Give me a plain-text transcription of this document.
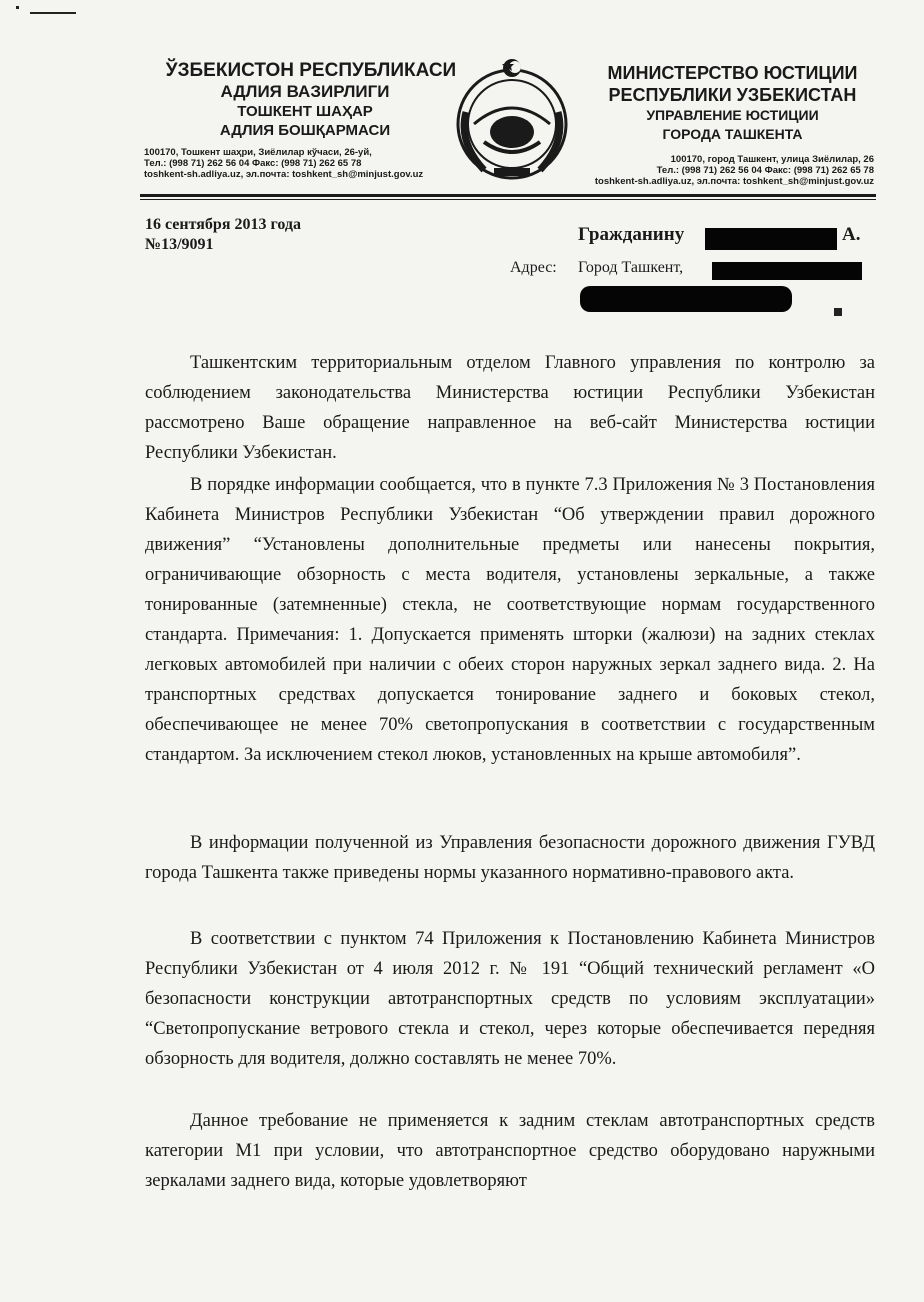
ЎЗБЕКИСТОН РЕСПУБЛИКАСИ
АДЛИЯ ВАЗИРЛИГИ
ТОШКЕНТ ШАҲАР
АДЛИЯ БОШҚАРМАСИ
100170, Тошкент шаҳри, Зиёлилар кўчаси, 26-уй,
Тел.: (998 71) 262 56 04 Факс: (998 71) 262 65 78
toshkent-sh.adliya.uz, эл.почта: toshkent_sh@minjust.gov.uz
МИНИСТЕРСТВО ЮСТИЦИИ
РЕСПУБЛИКИ УЗБЕКИСТАН
УПРАВЛЕНИЕ ЮСТИЦИИ
ГОРОДА ТАШКЕНТА
100170, город Ташкент, улица Зиёлилар, 26
Тел.: (998 71) 262 56 04 Факс: (998 71) 262 65 78
toshkent-sh.adliya.uz, эл.почта: toshkent_sh@minjust.gov.uz
16 сентября 2013 года
№13/9091	Гражданину	А.
Адрес: Город Ташкент,
Ташкентским территориальным отделом Главного управления по контролю за соблюдением законодательства Министерства юстиции Республики Узбекистан рассмотрено Ваше обращение направленное на веб-сайт Министерства юстиции Республики Узбекистан.
В порядке информации сообщается, что в пункте 7.3 Приложения № 3 Постановления Кабинета Министров Республики Узбекистан “Об утверждении правил дорожного движения” “Установлены дополнительные предметы или нанесены покрытия, ограничивающие обзорность с места водителя, установлены зеркальные, а также тонированные (затемненные) стекла, не соответствующие нормам государственного стандарта. Примечания: 1. Допускается применять шторки (жалюзи) на задних стеклах легковых автомобилей при наличии с обеих сторон наружных зеркал заднего вида. 2. На транспортных средствах допускается тонирование заднего и боковых стекол, обеспечивающее не менее 70% светопропускания в соответствии с государственным стандартом. За исключением стекол люков, установленных на крыше автомобиля”.
В информации полученной из Управления безопасности дорожного движения ГУВД города Ташкента также приведены нормы указанного нормативно-правового акта.
В соответствии с пунктом 74 Приложения к Постановлению Кабинета Министров Республики Узбекистан от 4 июля 2012 г. № 191 “Общий технический регламент «О безопасности конструкции автотранспортных средств по условиям эксплуатации» “Светопропускание ветрового стекла и стекол, через которые обеспечивается передняя обзорность для водителя, должно составлять не менее 70%.
Данное требование не применяется к задним стеклам автотранспортных средств категории М1 при условии, что автотранспортное средство оборудовано наружными зеркалами заднего вида, которые удовлетворяют
